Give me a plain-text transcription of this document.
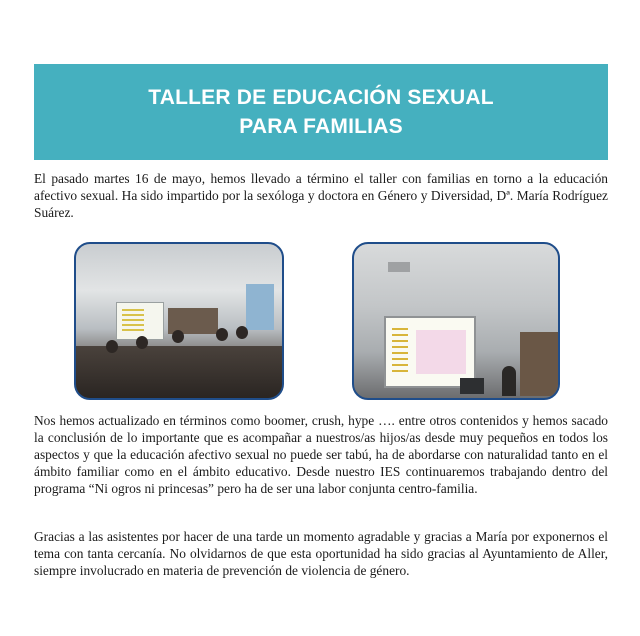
TALLER DE EDUCACIÓN SEXUAL
PARA FAMILIAS

El pasado martes 16 de mayo, hemos llevado a término el taller con familias en torno a la educación afectivo sexual. Ha sido impartido por la sexóloga y doctora en Género y Diversidad, Dª. María Rodríguez Suárez.

Nos hemos actualizado en términos como boomer, crush, hype …. entre otros contenidos y hemos sacado la conclusión de lo importante que es acompañar a nuestros/as hijos/as desde muy pequeños en todos los aspectos y que la educación afectivo sexual no puede ser tabú, ha de abordarse con naturalidad tanto en el ámbito familiar como en el ámbito educativo. Desde nuestro IES continuaremos trabajando dentro del programa “Ni ogros ni princesas” pero ha de ser una labor conjunta centro-familia.

Gracias a las asistentes por hacer de una tarde un momento agradable y gracias a María por exponernos el tema con tanta cercanía. No olvidarnos de que esta oportunidad ha sido gracias al Ayuntamiento de Aller, siempre involucrado en materia de prevención de violencia de género.
